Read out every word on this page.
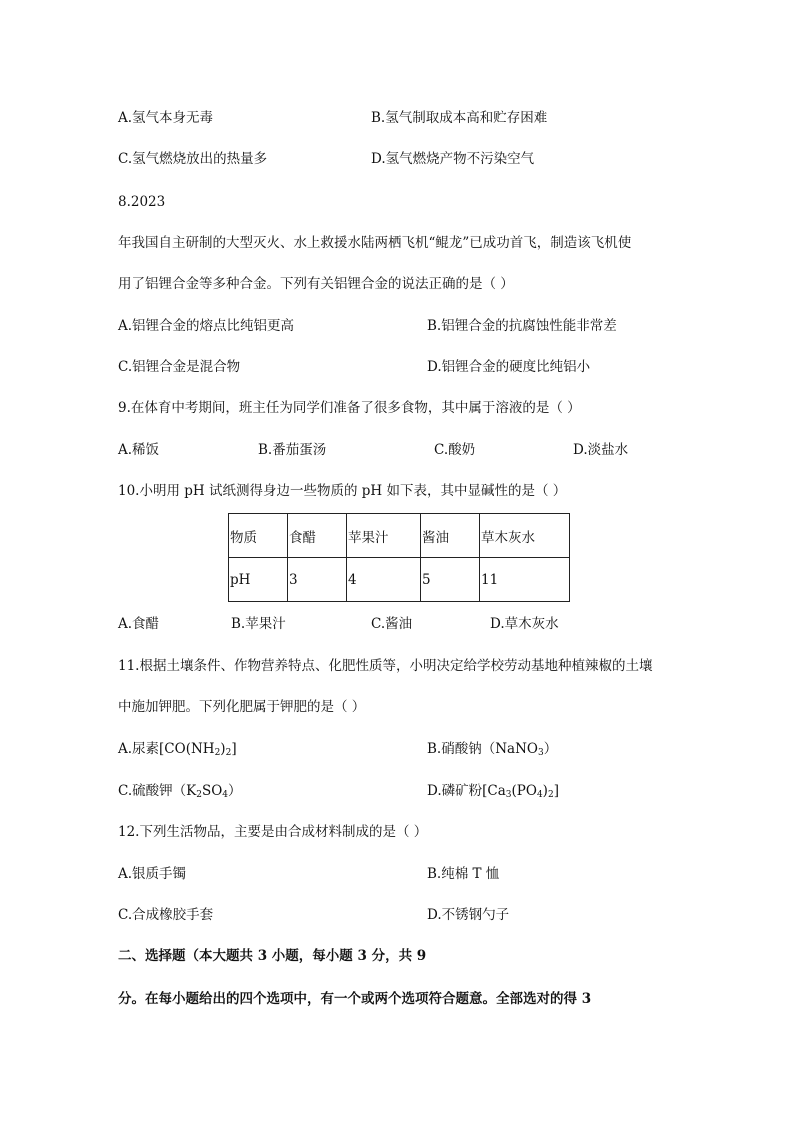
A.氢气本身无毒	B.氢气制取成本高和贮存困难
C.氢气燃烧放出的热量多	D.氢气燃烧产物不污染空气
8.2023
年我国自主研制的大型灭火、水上救援水陆两栖飞机“鲲龙”已成功首飞，制造该飞机使
用了铝锂合金等多种合金。下列有关铝锂合金的说法正确的是（ ）
A.铝锂合金的熔点比纯铝更高	B.铝锂合金的抗腐蚀性能非常差
C.铝锂合金是混合物	D.铝锂合金的硬度比纯铝小
9.在体育中考期间，班主任为同学们准备了很多食物，其中属于溶液的是（ ）
A.稀饭	B.番茄蛋汤	C.酸奶	D.淡盐水
10.小明用 pH 试纸测得身边一些物质的 pH 如下表，其中显碱性的是（ ）
物质	食醋	苹果汁	酱油	草木灰水
pH	3	4	5	11
A.食醋	B.苹果汁	C.酱油	D.草木灰水
11.根据土壤条件、作物营养特点、化肥性质等，小明决定给学校劳动基地种植辣椒的土壤
中施加钾肥。下列化肥属于钾肥的是（ ）
A.尿素$[CO(NH_2)_2]$	B.硝酸钠（NaNO$_3$）
C.硫酸钾$(K_2SO_4)$	D.磷矿粉$[Ca_3(PO_4)_2]$
12.下列生活物品，主要是由合成材料制成的是（ ）
A.银质手镯	B.纯棉 T 恤
C.合成橡胶手套	D.不锈钢勺子
二、选择题（本大题共 3 小题，每小题 3 分，共 9
分。在每小题给出的四个选项中，有一个或两个选项符合题意。全部选对的得 3
